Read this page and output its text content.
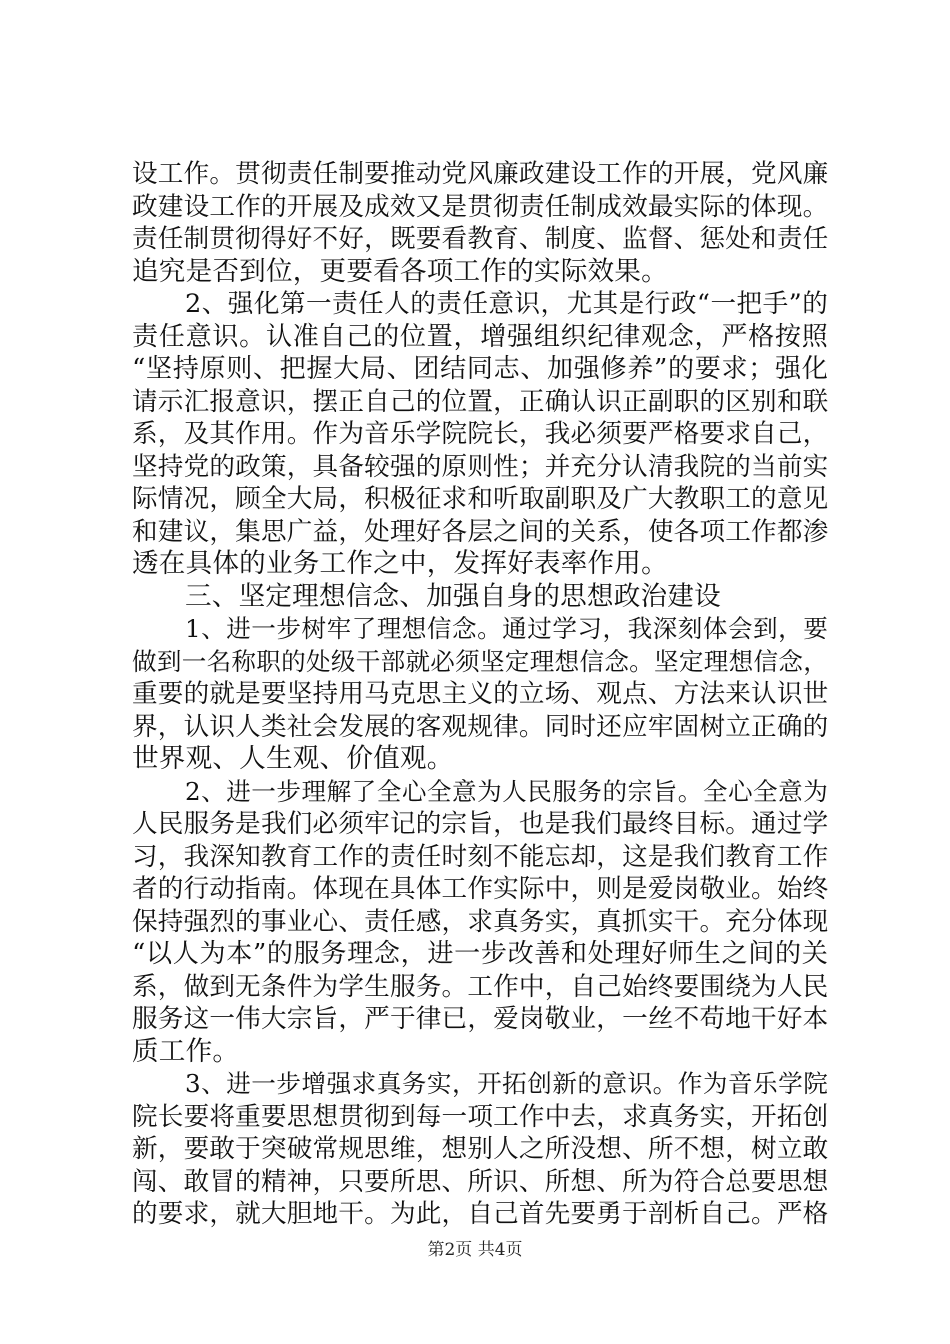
设工作。贯彻责任制要推动党风廉政建设工作的开展，党风廉
政建设工作的开展及成效又是贯彻责任制成效最实际的体现。
责任制贯彻得好不好，既要看教育、制度、监督、惩处和责任
追究是否到位，更要看各项工作的实际效果。
2、强化第一责任人的责任意识，尤其是行政“一把手”的
责任意识。认准自己的位置，增强组织纪律观念，严格按照
“坚持原则、把握大局、团结同志、加强修养”的要求；强化
请示汇报意识，摆正自己的位置，正确认识正副职的区别和联
系，及其作用。作为音乐学院院长，我必须要严格要求自己，
坚持党的政策，具备较强的原则性；并充分认清我院的当前实
际情况，顾全大局，积极征求和听取副职及广大教职工的意见
和建议，集思广益，处理好各层之间的关系，使各项工作都渗
透在具体的业务工作之中，发挥好表率作用。
三、坚定理想信念、加强自身的思想政治建设
1、进一步树牢了理想信念。通过学习，我深刻体会到，要
做到一名称职的处级干部就必须坚定理想信念。坚定理想信念，
重要的就是要坚持用马克思主义的立场、观点、方法来认识世
界，认识人类社会发展的客观规律。同时还应牢固树立正确的
世界观、人生观、价值观。
2、进一步理解了全心全意为人民服务的宗旨。全心全意为
人民服务是我们必须牢记的宗旨，也是我们最终目标。通过学
习，我深知教育工作的责任时刻不能忘却，这是我们教育工作
者的行动指南。体现在具体工作实际中，则是爱岗敬业。始终
保持强烈的事业心、责任感，求真务实，真抓实干。充分体现
“以人为本”的服务理念，进一步改善和处理好师生之间的关
系，做到无条件为学生服务。工作中，自己始终要围绕为人民
服务这一伟大宗旨，严于律已，爱岗敬业，一丝不苟地干好本
质工作。
3、进一步增强求真务实，开拓创新的意识。作为音乐学院
院长要将重要思想贯彻到每一项工作中去，求真务实，开拓创
新，要敢于突破常规思维，想别人之所没想、所不想，树立敢
闯、敢冒的精神，只要所思、所识、所想、所为符合总要思想
的要求，就大胆地干。为此，自己首先要勇于剖析自己。严格
第2页 共4页
